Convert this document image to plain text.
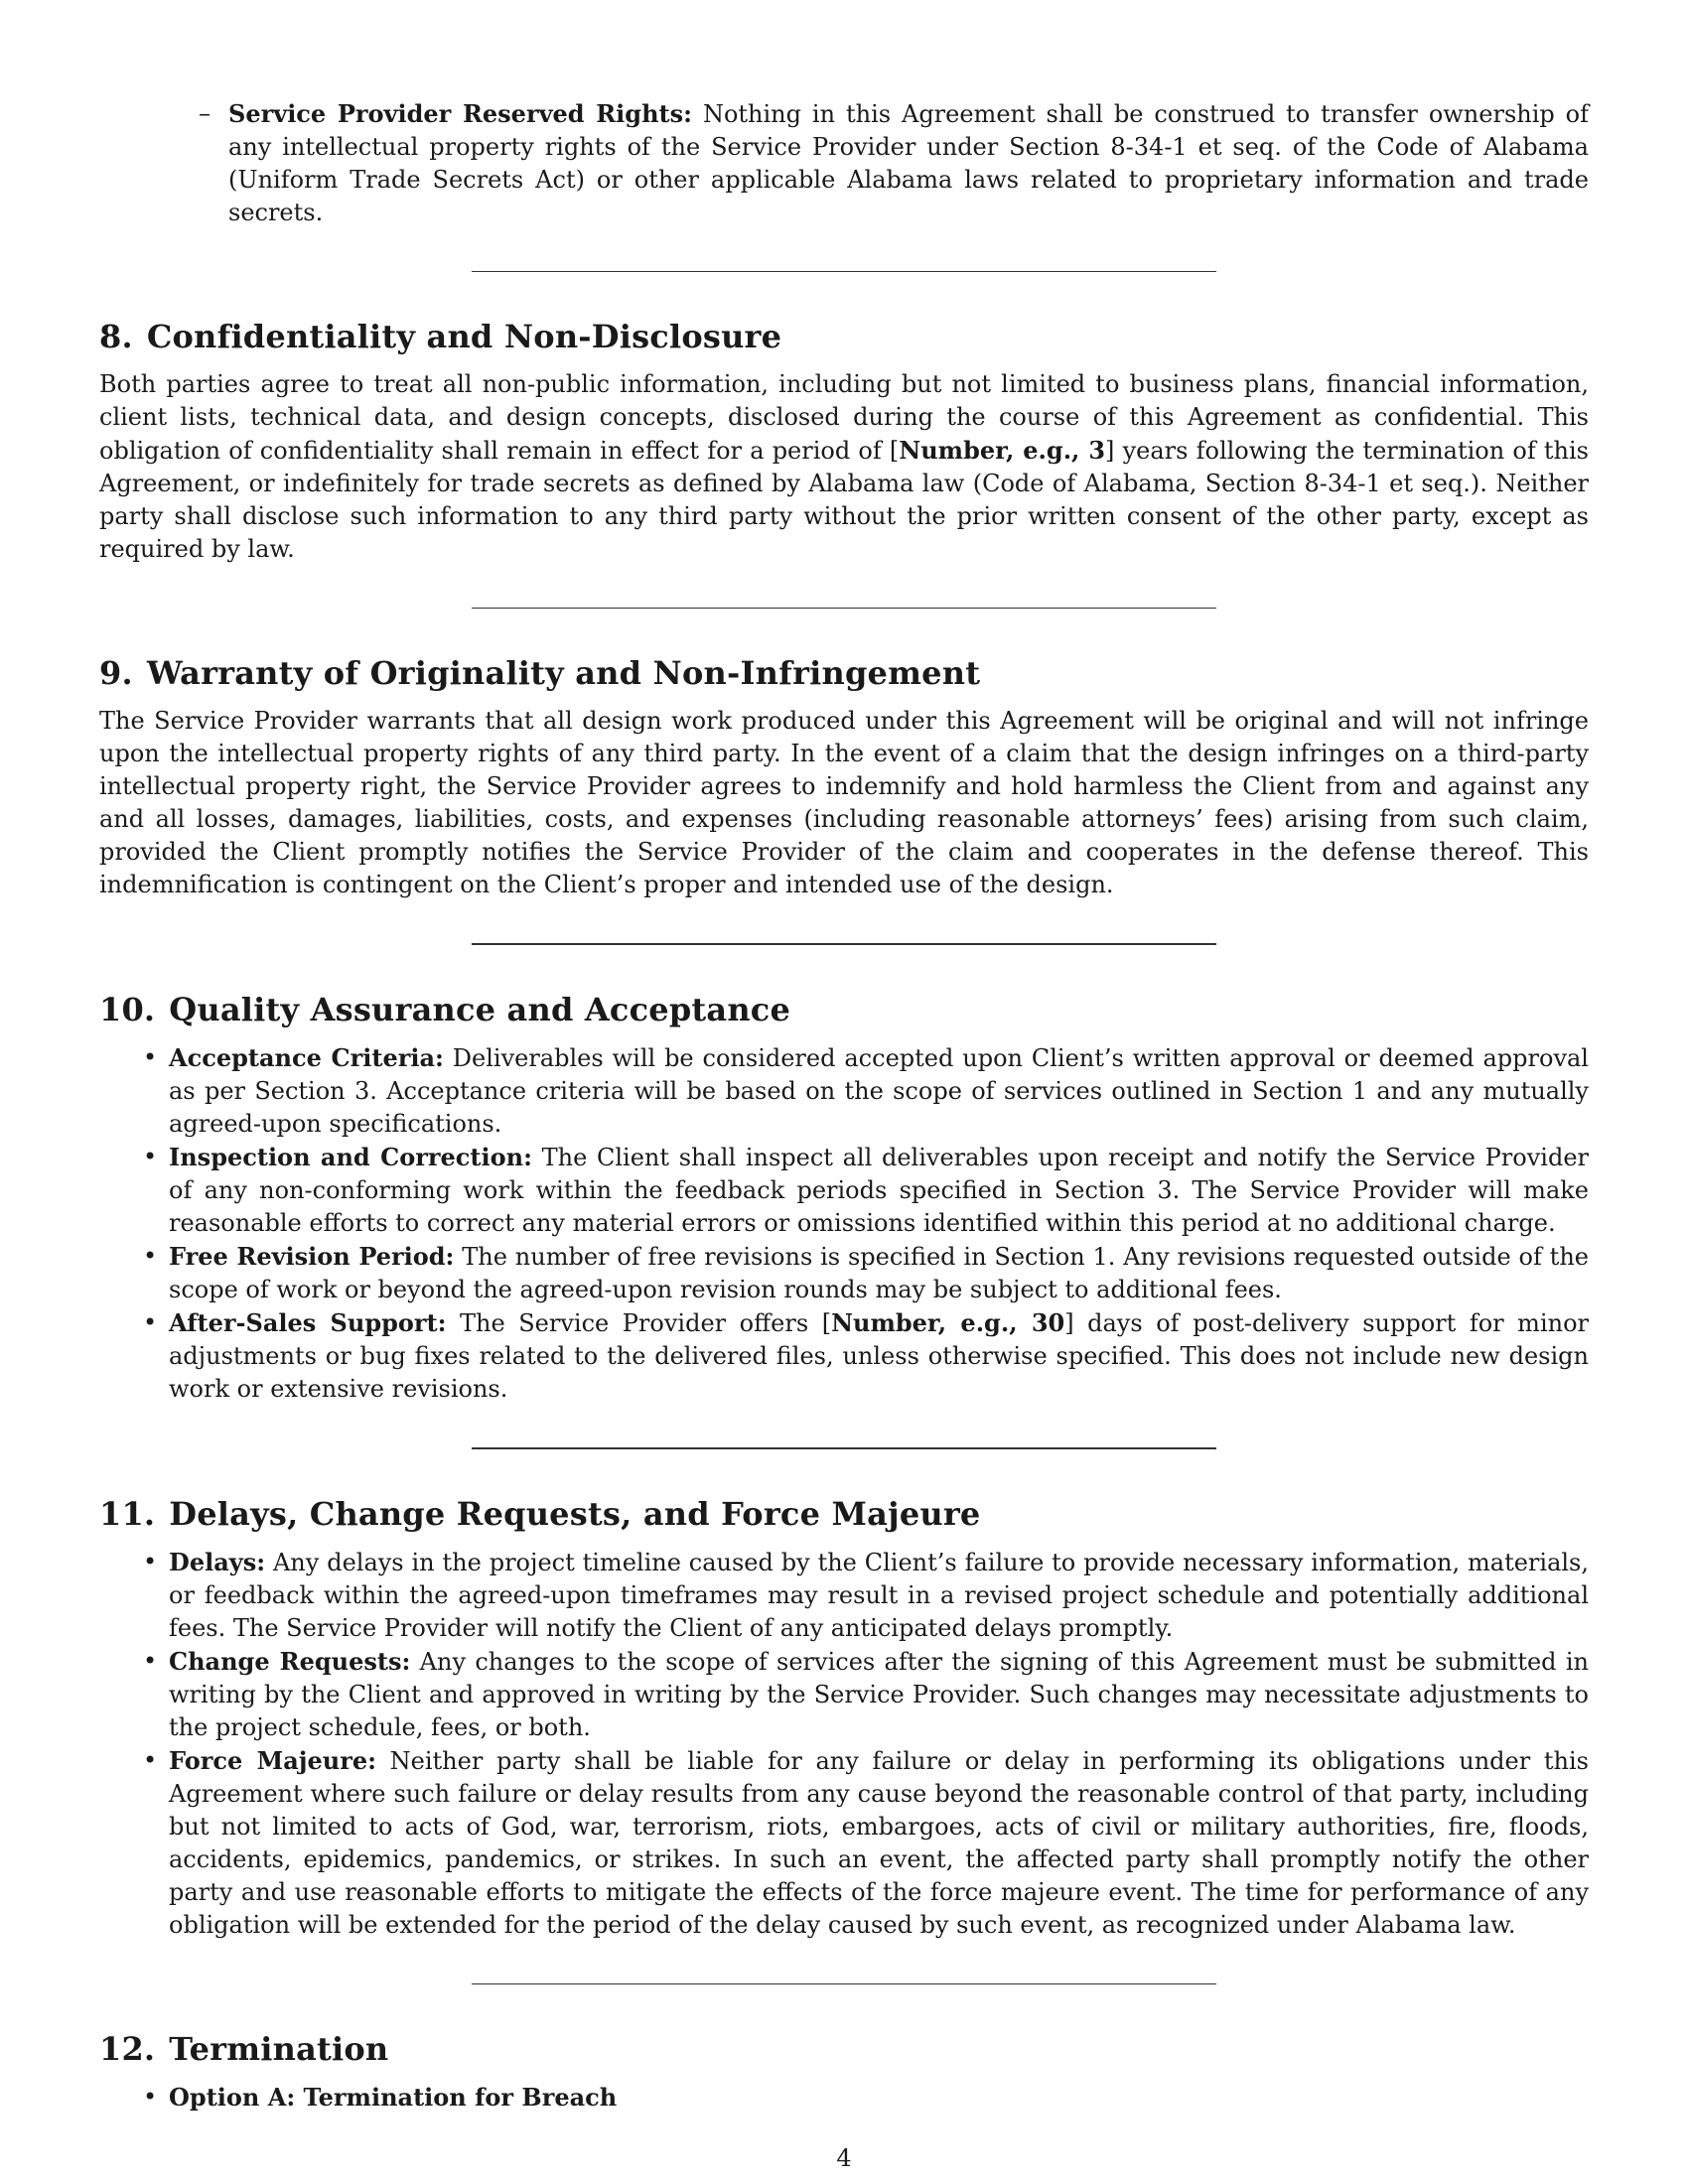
– Service Provider Reserved Rights: Nothing in this Agreement shall be construed to transfer ownership of any intellectual property rights of the Service Provider under Section 8-34-1 et seq. of the Code of Alabama (Uniform Trade Secrets Act) or other applicable Alabama laws related to proprietary information and trade secrets.
8. Confidentiality and Non-Disclosure

Both parties agree to treat all non-public information, including but not limited to business plans, financial information, client lists, technical data, and design concepts, disclosed during the course of this Agreement as confidential. This obligation of confidentiality shall remain in effect for a period of [Number, e.g., 3] years following the termination of this Agreement, or indefinitely for trade secrets as defined by Alabama law (Code of Alabama, Section 8-34-1 et seq.). Neither party shall disclose such information to any third party without the prior written consent of the other party, except as required by law.

9. Warranty of Originality and Non-Infringement

The Service Provider warrants that all design work produced under this Agreement will be original and will not infringe upon the intellectual property rights of any third party. In the event of a claim that the design infringes on a third-party intellectual property right, the Service Provider agrees to indemnify and hold harmless the Client from and against any and all losses, damages, liabilities, costs, and expenses (including reasonable attorneys’ fees) arising from such claim, provided the Client promptly notifies the Service Provider of the claim and cooperates in the defense thereof. This indemnification is contingent on the Client’s proper and intended use of the design.

10. Quality Assurance and Acceptance
• Acceptance Criteria: Deliverables will be considered accepted upon Client’s written approval or deemed approval as per Section 3. Acceptance criteria will be based on the scope of services outlined in Section 1 and any mutually agreed-upon specifications.
• Inspection and Correction: The Client shall inspect all deliverables upon receipt and notify the Service Provider of any non-conforming work within the feedback periods specified in Section 3. The Service Provider will make reasonable efforts to correct any material errors or omissions identified within this period at no additional charge.
• Free Revision Period: The number of free revisions is specified in Section 1. Any revisions requested outside of the scope of work or beyond the agreed-upon revision rounds may be subject to additional fees.
• After-Sales Support: The Service Provider offers [Number, e.g., 30] days of post-delivery support for minor adjustments or bug fixes related to the delivered files, unless otherwise specified. This does not include new design work or extensive revisions.
11. Delays, Change Requests, and Force Majeure
• Delays: Any delays in the project timeline caused by the Client’s failure to provide necessary information, materials, or feedback within the agreed-upon timeframes may result in a revised project schedule and potentially additional fees. The Service Provider will notify the Client of any anticipated delays promptly.
• Change Requests: Any changes to the scope of services after the signing of this Agreement must be submitted in writing by the Client and approved in writing by the Service Provider. Such changes may necessitate adjustments to the project schedule, fees, or both.
• Force Majeure: Neither party shall be liable for any failure or delay in performing its obligations under this Agreement where such failure or delay results from any cause beyond the reasonable control of that party, including but not limited to acts of God, war, terrorism, riots, embargoes, acts of civil or military authorities, fire, floods, accidents, epidemics, pandemics, or strikes. In such an event, the affected party shall promptly notify the other party and use reasonable efforts to mitigate the effects of the force majeure event. The time for performance of any obligation will be extended for the period of the delay caused by such event, as recognized under Alabama law.
12. Termination
• Option A: Termination for Breach
4
